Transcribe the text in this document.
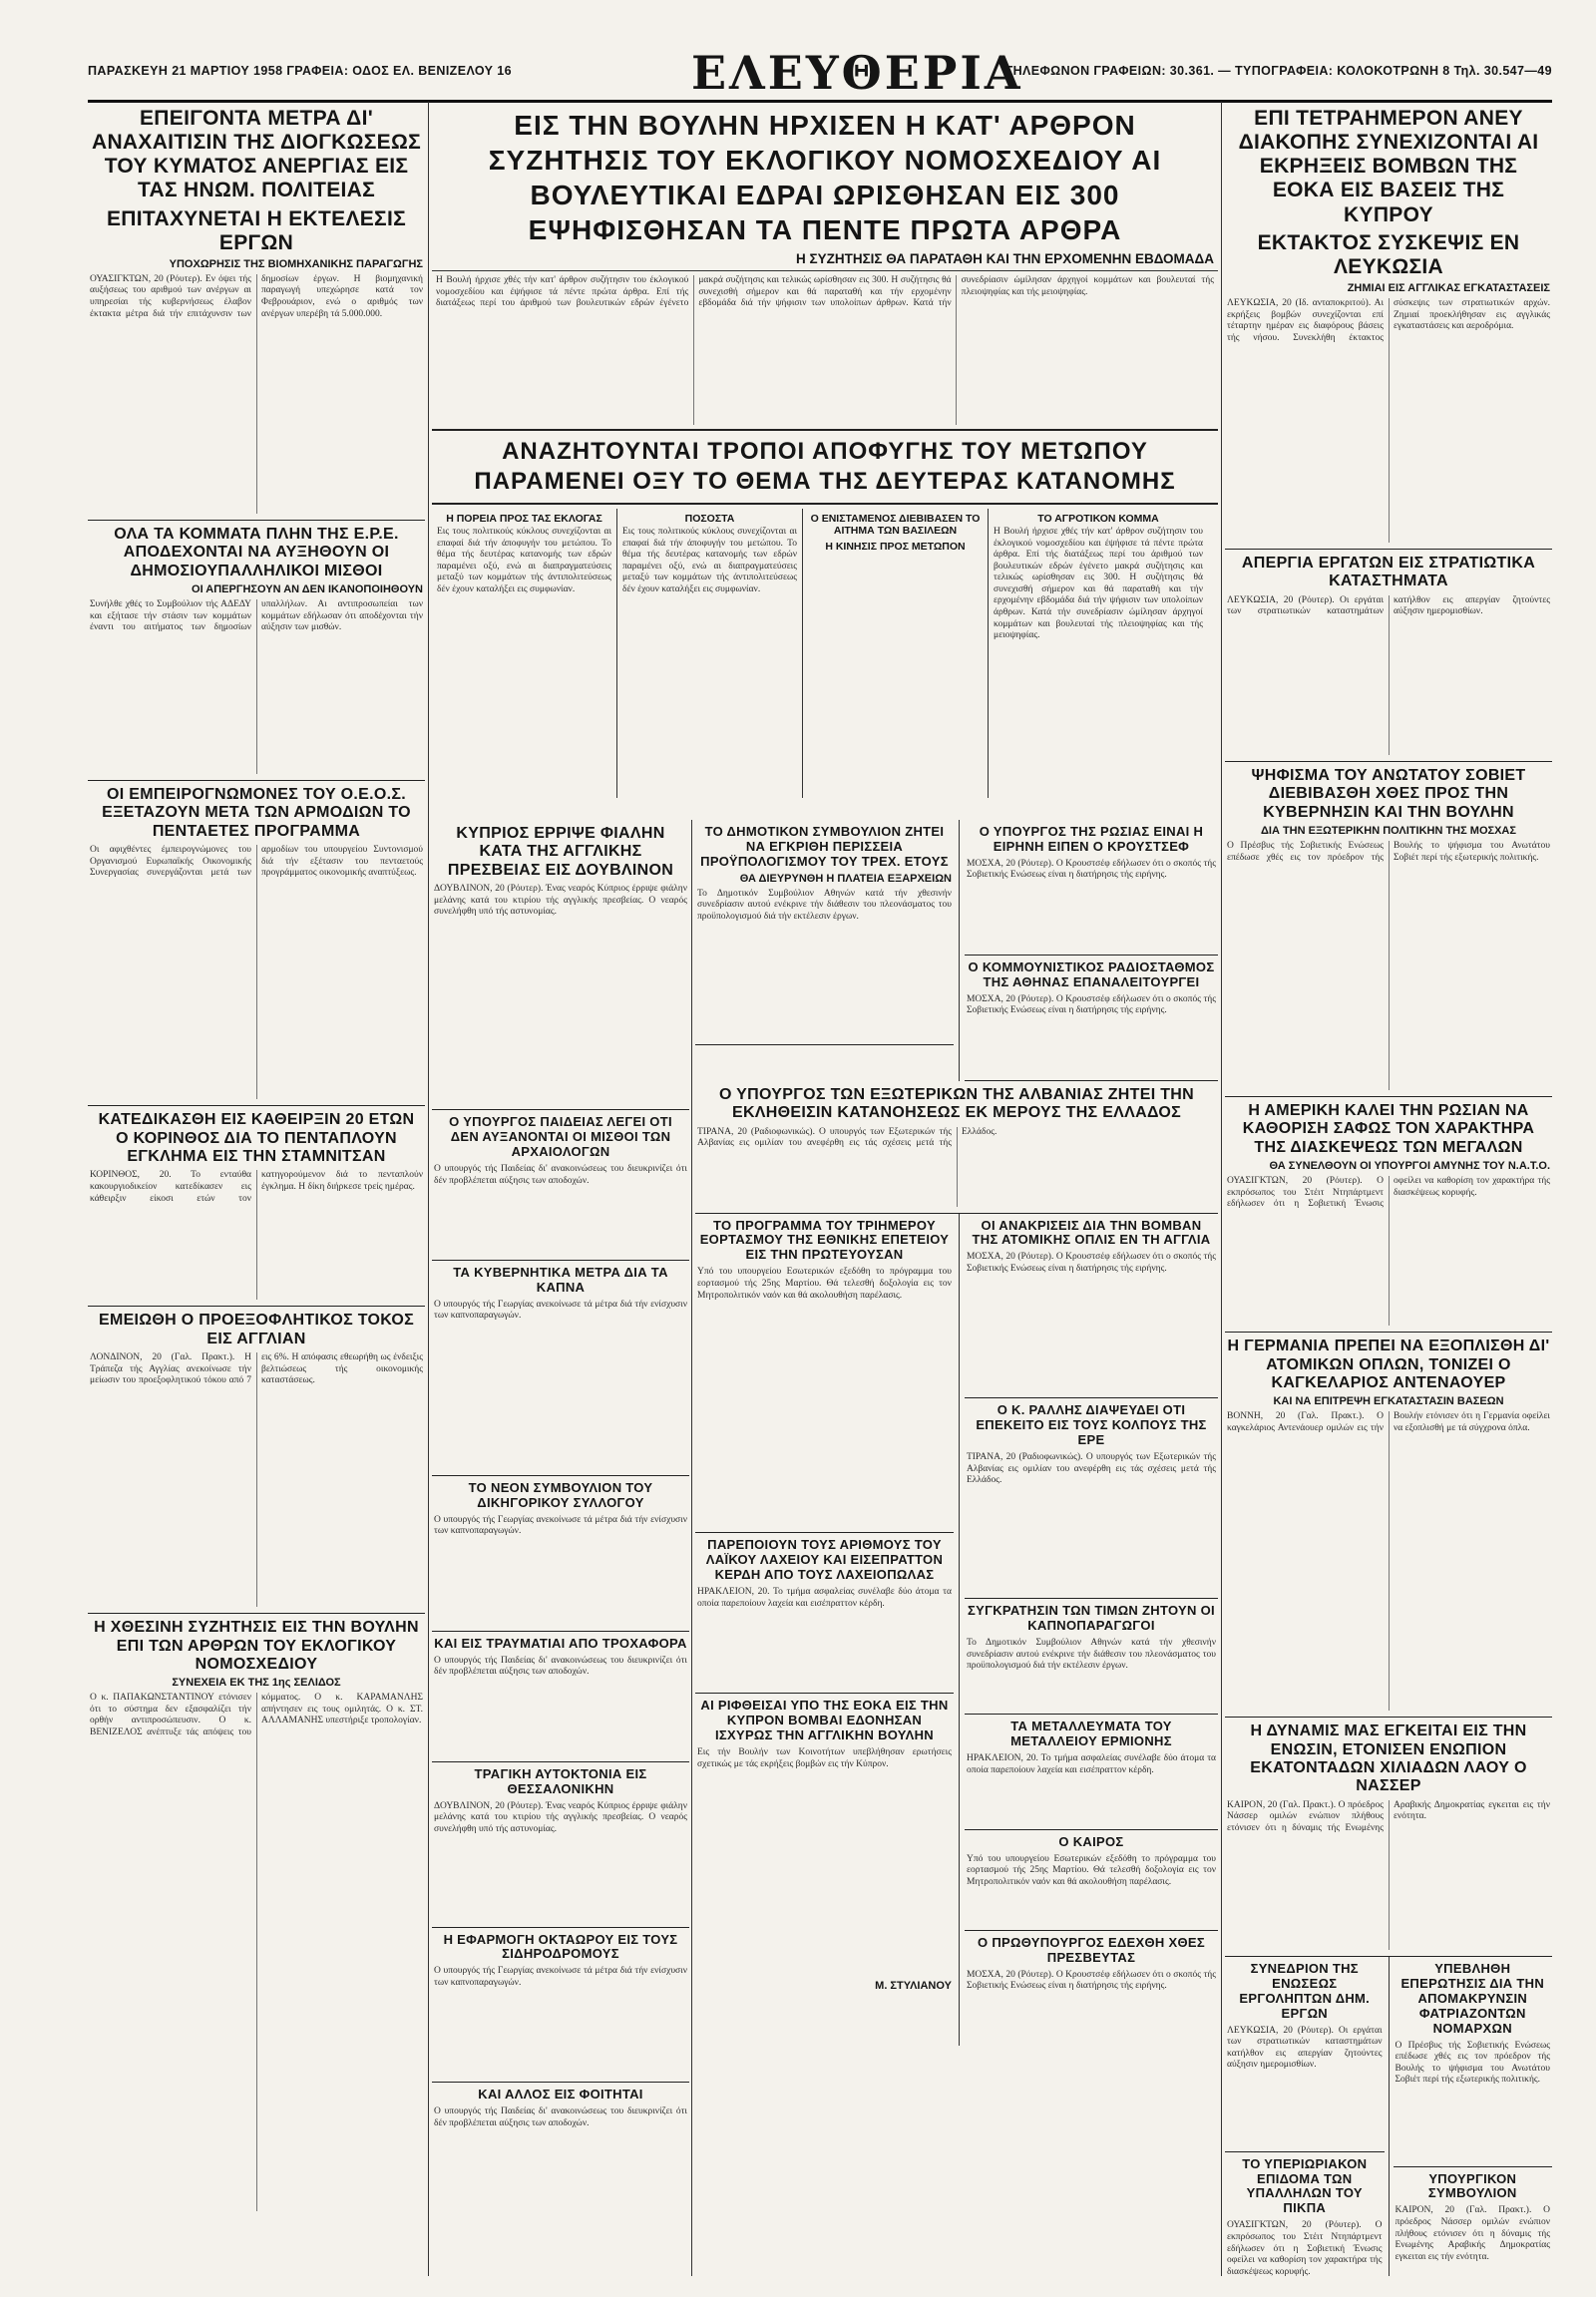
ΠΑΡΑΣΚΕΥΗ 21 ΜΑΡΤΙΟΥ 1958 ΓΡΑΦΕΙΑ: ΟΔΟΣ ΕΛ. ΒΕΝΙΖΕΛΟΥ 16	ΕΛΕΥΘΕΡΙΑ
ΤΗΛΕΦΩΝΟΝ ΓΡΑΦΕΙΩΝ: 30.361. — ΤΥΠΟΓΡΑΦΕΙΑ: ΚΟΛΟΚΟΤΡΩΝΗ 8 Τηλ. 30.547—49
ΕΠΕΙΓΟΝΤΑ ΜΕΤΡΑ ΔΙ' ΑΝΑΧΑΙΤΙΣΙΝ ΤΗΣ ΔΙΟΓΚΩΣΕΩΣ ΤΟΥ ΚΥΜΑΤΟΣ ΑΝΕΡΓΙΑΣ ΕΙΣ ΤΑΣ ΗΝΩΜ. ΠΟΛΙΤΕΙΑΣ
ΕΠΙΤΑΧΥΝΕΤΑΙ Η ΕΚΤΕΛΕΣΙΣ ΕΡΓΩΝ
ΥΠΟΧΩΡΗΣΙΣ ΤΗΣ ΒΙΟΜΗΧΑΝΙΚΗΣ ΠΑΡΑΓΩΓΗΣ
ΟΥΑΣΙΓΚΤΩΝ, 20 (Ρόυτερ). Εν όψει τής αυξήσεως του αριθμού των ανέργων αι υπηρεσίαι τής κυβερνήσεως έλαβον έκτακτα μέτρα διά τήν επιτάχυνσιν των δημοσίων έργων. Η βιομηχανική παραγωγή υπεχώρησε κατά τον Φεβρουάριον, ενώ ο αριθμός των ανέργων υπερέβη τά 5.000.000.
ΟΛΑ ΤΑ ΚΟΜΜΑΤΑ ΠΛΗΝ ΤΗΣ Ε.Ρ.Ε. ΑΠΟΔΕΧΟΝΤΑΙ ΝΑ ΑΥΞΗΘΟΥΝ ΟΙ ΔΗΜΟΣΙΟΥΠΑΛΛΗΛΙΚΟΙ ΜΙΣΘΟΙ
ΟΙ ΑΠΕΡΓΗΣΟΥΝ ΑΝ ΔΕΝ ΙΚΑΝΟΠΟΙΗΘΟΥΝ
Συνήλθε χθές το Συμβούλιον τής ΑΔΕΔΥ και εξήτασε τήν στάσιν των κομμάτων έναντι του αιτήματος των δημοσίων υπαλλήλων. Αι αντιπροσωπείαι των κομμάτων εδήλωσαν ότι αποδέχονται τήν αύξησιν των μισθών.
ΟΙ ΕΜΠΕΙΡΟΓΝΩΜΟΝΕΣ ΤΟΥ Ο.Ε.Ο.Σ. ΕΞΕΤΑΖΟΥΝ ΜΕΤΑ ΤΩΝ ΑΡΜΟΔΙΩΝ ΤΟ ΠΕΝΤΑΕΤΕΣ ΠΡΟΓΡΑΜΜΑ
Οι αφιχθέντες έμπειρογνώμονες του Οργανισμού Ευρωπαϊκής Οικονομικής Συνεργασίας συνεργάζονται μετά των αρμοδίων του υπουργείου Συντονισμού διά τήν εξέτασιν του πενταετούς προγράμματος οικονομικής αναπτύξεως.
ΚΑΤΕΔΙΚΑΣΘΗ ΕΙΣ ΚΑΘΕΙΡΞΙΝ 20 ΕΤΩΝ Ο ΚΟΡΙΝΘΟΣ ΔΙΑ ΤΟ ΠΕΝΤΑΠΛΟΥΝ ΕΓΚΛΗΜΑ ΕΙΣ ΤΗΝ ΣΤΑΜΝΙΤΣΑΝ
ΚΟΡΙΝΘΟΣ, 20. Το ενταύθα κακουργιοδικείον κατεδίκασεν εις κάθειρξιν είκοσι ετών τον κατηγορούμενον διά το πενταπλούν έγκλημα. Η δίκη διήρκεσε τρείς ημέρας.
ΕΜΕΙΩΘΗ Ο ΠΡΟΕΞΟΦΛΗΤΙΚΟΣ ΤΟΚΟΣ ΕΙΣ ΑΓΓΛΙΑΝ
ΛΟΝΔΙΝΟΝ, 20 (Γαλ. Πρακτ.). Η Τράπεζα τής Αγγλίας ανεκοίνωσε τήν μείωσιν του προεξοφλητικού τόκου από 7 εις 6%. Η απόφασις εθεωρήθη ως ένδειξις βελτιώσεως τής οικονομικής καταστάσεως.
Η ΧΘΕΣΙΝΗ ΣΥΖΗΤΗΣΙΣ ΕΙΣ ΤΗΝ ΒΟΥΛΗΝ ΕΠΙ ΤΩΝ ΑΡΘΡΩΝ ΤΟΥ ΕΚΛΟΓΙΚΟΥ ΝΟΜΟΣΧΕΔΙΟΥ
ΣΥΝΕΧΕΙΑ ΕΚ ΤΗΣ 1ης ΣΕΛΙΔΟΣ
Ο κ. ΠΑΠΑΚΩΝΣΤΑΝΤΙΝΟΥ ετόνισεν ότι το σύστημα δεν εξασφαλίζει τήν ορθήν αντιπροσώπευσιν. Ο κ. ΒΕΝΙΖΕΛΟΣ ανέπτυξε τάς απόψεις του κόμματος. Ο κ. ΚΑΡΑΜΑΝΛΗΣ απήντησεν εις τους ομιλητάς. Ο κ. ΣΤ. ΑΛΛΑΜΑΝΗΣ υπεστήριξε τροπολογίαν.
ΕΙΣ ΤΗΝ ΒΟΥΛΗΝ ΗΡΧΙΣΕΝ Η ΚΑΤ' ΑΡΘΡΟΝ ΣΥΖΗΤΗΣΙΣ ΤΟΥ ΕΚΛΟΓΙΚΟΥ ΝΟΜΟΣΧΕΔΙΟΥ ΑΙ ΒΟΥΛΕΥΤΙΚΑΙ ΕΔΡΑΙ ΩΡΙΣΘΗΣΑΝ ΕΙΣ 300 ΕΨΗΦΙΣΘΗΣΑΝ ΤΑ ΠΕΝΤΕ ΠΡΩΤΑ ΑΡΘΡΑ
Η ΣΥΖΗΤΗΣΙΣ ΘΑ ΠΑΡΑΤΑΘΗ ΚΑΙ ΤΗΝ ΕΡΧΟΜΕΝΗΝ ΕΒΔΟΜΑΔΑ
Η Βουλή ήρχισε χθές τήν κατ' άρθρον συζήτησιν του έκλογικού νομοσχεδίου και έψήφισε τά πέντε πρώτα άρθρα. Επί τής διατάξεως περί του άριθμού των βουλευτικών εδρών έγένετο μακρά συζήτησις και τελικώς ωρίσθησαν εις 300. Η συζήτησις θά συνεχισθή σήμερον και θά παραταθή και τήν ερχομένην εβδομάδα διά τήν ψήφισιν των υπολοίπων άρθρων. Κατά τήν συνεδρίασιν ώμίλησαν άρχηγοί κομμάτων και βουλευταί τής πλειοψηφίας και τής μειοψηφίας.
ΑΝΑΖΗΤΟΥΝΤΑΙ ΤΡΟΠΟΙ ΑΠΟΦΥΓΗΣ ΤΟΥ ΜΕΤΩΠΟΥ ΠΑΡΑΜΕΝΕΙ ΟΞΥ ΤΟ ΘΕΜΑ ΤΗΣ ΔΕΥΤΕΡΑΣ ΚΑΤΑΝΟΜΗΣ
Η ΠΟΡΕΙΑ ΠΡΟΣ ΤΑΣ ΕΚΛΟΓΑΣ
Εις τους πολιτικούς κύκλους συνεχίζονται αι επαφαί διά τήν άποφυγήν του μετώπου. Το θέμα τής δευτέρας κατανομής των εδρών παραμένει οξύ, ενώ αι διαπραγματεύσεις μεταξύ των κομμάτων τής άντιπολιτεύσεως δέν έχουν καταλήξει εις συμφωνίαν.
ΠΟΣΟΣΤΑ
Εις τους πολιτικούς κύκλους συνεχίζονται αι επαφαί διά τήν άποφυγήν του μετώπου. Το θέμα τής δευτέρας κατανομής των εδρών παραμένει οξύ, ενώ αι διαπραγματεύσεις μεταξύ των κομμάτων τής άντιπολιτεύσεως δέν έχουν καταλήξει εις συμφωνίαν.
Ο ΕΝΙΣΤΑΜΕΝΟΣ ΔΙΕΒΙΒΑΣΕΝ ΤΟ ΑΙΤΗΜΑ ΤΩΝ ΒΑΣΙΛΕΩΝ
Η ΚΙΝΗΣΙΣ ΠΡΟΣ ΜΕΤΩΠΟΝ
ΤΟ ΑΓΡΟΤΙΚΟΝ ΚΟΜΜΑ
Η Βουλή ήρχισε χθές τήν κατ' άρθρον συζήτησιν του έκλογικού νομοσχεδίου και έψήφισε τά πέντε πρώτα άρθρα. Επί τής διατάξεως περί του άριθμού των βουλευτικών εδρών έγένετο μακρά συζήτησις και τελικώς ωρίσθησαν εις 300. Η συζήτησις θά συνεχισθή σήμερον και θά παραταθή και τήν ερχομένην εβδομάδα διά τήν ψήφισιν των υπολοίπων άρθρων. Κατά τήν συνεδρίασιν ώμίλησαν άρχηγοί κομμάτων και βουλευταί τής πλειοψηφίας και τής μειοψηφίας.
ΚΥΠΡΙΟΣ ΕΡΡΙΨΕ ΦΙΑΛΗΝ ΚΑΤΑ ΤΗΣ ΑΓΓΛΙΚΗΣ ΠΡΕΣΒΕΙΑΣ ΕΙΣ ΔΟΥΒΛΙΝΟΝ
ΔΟΥΒΛΙΝΟΝ, 20 (Ρόυτερ). Ένας νεαρός Κύπριος έρριψε φιάλην μελάνης κατά του κτιρίου τής αγγλικής πρεσβείας. Ο νεαρός συνελήφθη υπό τής αστυνομίας.
Ο ΥΠΟΥΡΓΟΣ ΠΑΙΔΕΙΑΣ ΛΕΓΕΙ ΟΤΙ ΔΕΝ ΑΥΞΑΝΟΝΤΑΙ ΟΙ ΜΙΣΘΟΙ ΤΩΝ ΑΡΧΑΙΟΛΟΓΩΝ
Ο υπουργός τής Παιδείας δι' ανακοινώσεως του διευκρινίζει ότι δέν προβλέπεται αύξησις των αποδοχών.
ΤΑ ΚΥΒΕΡΝΗΤΙΚΑ ΜΕΤΡΑ ΔΙΑ ΤΑ ΚΑΠΝΑ
Ο υπουργός τής Γεωργίας ανεκοίνωσε τά μέτρα διά τήν ενίσχυσιν των καπνοπαραγωγών.
ΤΟ ΝΕΟΝ ΣΥΜΒΟΥΛΙΟΝ ΤΟΥ ΔΙΚΗΓΟΡΙΚΟΥ ΣΥΛΛΟΓΟΥ
Ο υπουργός τής Γεωργίας ανεκοίνωσε τά μέτρα διά τήν ενίσχυσιν των καπνοπαραγωγών.
ΚΑΙ ΕΙΣ ΤΡΑΥΜΑΤΙΑΙ ΑΠΟ ΤΡΟΧΑΦΟΡΑ
Ο υπουργός τής Παιδείας δι' ανακοινώσεως του διευκρινίζει ότι δέν προβλέπεται αύξησις των αποδοχών.
ΤΡΑΓΙΚΗ ΑΥΤΟΚΤΟΝΙΑ ΕΙΣ ΘΕΣΣΑΛΟΝΙΚΗΝ
ΔΟΥΒΛΙΝΟΝ, 20 (Ρόυτερ). Ένας νεαρός Κύπριος έρριψε φιάλην μελάνης κατά του κτιρίου τής αγγλικής πρεσβείας. Ο νεαρός συνελήφθη υπό τής αστυνομίας.
Η ΕΦΑΡΜΟΓΗ ΟΚΤΑΩΡΟΥ ΕΙΣ ΤΟΥΣ ΣΙΔΗΡΟΔΡΟΜΟΥΣ
Ο υπουργός τής Γεωργίας ανεκοίνωσε τά μέτρα διά τήν ενίσχυσιν των καπνοπαραγωγών.
ΚΑΙ ΑΛΛΟΣ ΕΙΣ ΦΟΙΤΗΤΑΙ
Ο υπουργός τής Παιδείας δι' ανακοινώσεως του διευκρινίζει ότι δέν προβλέπεται αύξησις των αποδοχών.
ΤΟ ΔΗΜΟΤΙΚΟΝ ΣΥΜΒΟΥΛΙΟΝ ΖΗΤΕΙ ΝΑ ΕΓΚΡΙΘΗ ΠΕΡΙΣΣΕΙΑ ΠΡΟΫΠΟΛΟΓΙΣΜΟΥ ΤΟΥ ΤΡΕΧ. ΕΤΟΥΣ
ΘΑ ΔΙΕΥΡΥΝΘΗ Η ΠΛΑΤΕΙΑ ΕΞΑΡΧΕΙΩΝ
Το Δημοτικόν Συμβούλιον Αθηνών κατά τήν χθεσινήν συνεδρίασιν αυτού ενέκρινε τήν διάθεσιν του πλεονάσματος του προϋπολογισμού διά τήν εκτέλεσιν έργων.
Ο ΥΠΟΥΡΓΟΣ ΤΗΣ ΡΩΣΙΑΣ ΕΙΝΑΙ Η ΕΙΡΗΝΗ ΕΙΠΕΝ Ο ΚΡΟΥΣΤΣΕΦ
ΜΟΣΧΑ, 20 (Ρόυτερ). Ο Κρουστσέφ εδήλωσεν ότι ο σκοπός τής Σοβιετικής Ενώσεως είναι η διατήρησις τής ειρήνης.
Ο ΚΟΜΜΟΥΝΙΣΤΙΚΟΣ ΡΑΔΙΟΣΤΑΘΜΟΣ ΤΗΣ ΑΘΗΝΑΣ ΕΠΑΝΑΛΕΙΤΟΥΡΓΕΙ
ΜΟΣΧΑ, 20 (Ρόυτερ). Ο Κρουστσέφ εδήλωσεν ότι ο σκοπός τής Σοβιετικής Ενώσεως είναι η διατήρησις τής ειρήνης.
Ο ΥΠΟΥΡΓΟΣ ΤΩΝ ΕΞΩΤΕΡΙΚΩΝ ΤΗΣ ΑΛΒΑΝΙΑΣ ΖΗΤΕΙ ΤΗΝ ΕΚΛΗΘΕΙΣΙΝ ΚΑΤΑΝΟΗΣΕΩΣ ΕΚ ΜΕΡΟΥΣ ΤΗΣ ΕΛΛΑΔΟΣ
ΤΙΡΑΝΑ, 20 (Ραδιοφωνικώς). Ο υπουργός των Εξωτερικών τής Αλβανίας εις ομιλίαν του ανεφέρθη εις τάς σχέσεις μετά τής Ελλάδος.
ΤΟ ΠΡΟΓΡΑΜΜΑ ΤΟΥ ΤΡΙΗΜΕΡΟΥ ΕΟΡΤΑΣΜΟΥ ΤΗΣ ΕΘΝΙΚΗΣ ΕΠΕΤΕΙΟΥ ΕΙΣ ΤΗΝ ΠΡΩΤΕΥΟΥΣΑΝ
Υπό του υπουργείου Εσωτερικών εξεδόθη το πρόγραμμα του εορτασμού τής 25ης Μαρτίου. Θά τελεσθή δοξολογία εις τον Μητροπολιτικόν ναόν και θά ακολουθήση παρέλασις.
ΠΑΡΕΠΟΙΟΥΝ ΤΟΥΣ ΑΡΙΘΜΟΥΣ ΤΟΥ ΛΑΪΚΟΥ ΛΑΧΕΙΟΥ ΚΑΙ ΕΙΣΕΠΡΑΤΤΟΝ ΚΕΡΔΗ ΑΠΟ ΤΟΥΣ ΛΑΧΕΙΟΠΩΛΑΣ
ΗΡΑΚΛΕΙΟΝ, 20. Το τμήμα ασφαλείας συνέλαβε δύο άτομα τα οποία παρεποίουν λαχεία και εισέπραττον κέρδη.
ΑΙ ΡΙΦΘΕΙΣΑΙ ΥΠΟ ΤΗΣ ΕΟΚΑ ΕΙΣ ΤΗΝ ΚΥΠΡΟΝ ΒΟΜΒΑΙ ΕΔΟΝΗΣΑΝ ΙΣΧΥΡΩΣ ΤΗΝ ΑΓΓΛΙΚΗΝ ΒΟΥΛΗΝ
Εις τήν Βουλήν των Κοινοτήτων υπεβλήθησαν ερωτήσεις σχετικώς με τάς εκρήξεις βομβών εις τήν Κύπρον.
Μ. ΣΤΥΛΙΑΝΟΥ
ΟΙ ΑΝΑΚΡΙΣΕΙΣ ΔΙΑ ΤΗΝ ΒΟΜΒΑΝ ΤΗΣ ΑΤΟΜΙΚΗΣ ΟΠΛΙΣ ΕΝ ΤΗ ΑΓΓΛΙΑ
ΜΟΣΧΑ, 20 (Ρόυτερ). Ο Κρουστσέφ εδήλωσεν ότι ο σκοπός τής Σοβιετικής Ενώσεως είναι η διατήρησις τής ειρήνης.
Ο Κ. ΡΑΛΛΗΣ ΔΙΑΨΕΥΔΕΙ ΟΤΙ ΕΠΕΚΕΙΤΟ ΕΙΣ ΤΟΥΣ ΚΟΛΠΟΥΣ ΤΗΣ ΕΡΕ
ΤΙΡΑΝΑ, 20 (Ραδιοφωνικώς). Ο υπουργός των Εξωτερικών τής Αλβανίας εις ομιλίαν του ανεφέρθη εις τάς σχέσεις μετά τής Ελλάδος.
ΣΥΓΚΡΑΤΗΣΙΝ ΤΩΝ ΤΙΜΩΝ ΖΗΤΟΥΝ ΟΙ ΚΑΠΝΟΠΑΡΑΓΩΓΟΙ
Το Δημοτικόν Συμβούλιον Αθηνών κατά τήν χθεσινήν συνεδρίασιν αυτού ενέκρινε τήν διάθεσιν του πλεονάσματος του προϋπολογισμού διά τήν εκτέλεσιν έργων.
ΤΑ ΜΕΤΑΛΛΕΥΜΑΤΑ ΤΟΥ ΜΕΤΑΛΛΕΙΟΥ ΕΡΜΙΟΝΗΣ
ΗΡΑΚΛΕΙΟΝ, 20. Το τμήμα ασφαλείας συνέλαβε δύο άτομα τα οποία παρεποίουν λαχεία και εισέπραττον κέρδη.
Ο ΚΑΙΡΟΣ
Υπό του υπουργείου Εσωτερικών εξεδόθη το πρόγραμμα του εορτασμού τής 25ης Μαρτίου. Θά τελεσθή δοξολογία εις τον Μητροπολιτικόν ναόν και θά ακολουθήση παρέλασις.
Ο ΠΡΩΘΥΠΟΥΡΓΟΣ ΕΔΕΧΘΗ ΧΘΕΣ ΠΡΕΣΒΕΥΤΑΣ
ΜΟΣΧΑ, 20 (Ρόυτερ). Ο Κρουστσέφ εδήλωσεν ότι ο σκοπός τής Σοβιετικής Ενώσεως είναι η διατήρησις τής ειρήνης.
ΕΠΙ ΤΕΤΡΑΗΜΕΡΟΝ ΑΝΕΥ ΔΙΑΚΟΠΗΣ ΣΥΝΕΧΙΖΟΝΤΑΙ ΑΙ ΕΚΡΗΞΕΙΣ ΒΟΜΒΩΝ ΤΗΣ ΕΟΚΑ ΕΙΣ ΒΑΣΕΙΣ ΤΗΣ ΚΥΠΡΟΥ
ΕΚΤΑΚΤΟΣ ΣΥΣΚΕΨΙΣ ΕΝ ΛΕΥΚΩΣΙΑ
ΖΗΜΙΑΙ ΕΙΣ ΑΓΓΛΙΚΑΣ ΕΓΚΑΤΑΣΤΑΣΕΙΣ
ΛΕΥΚΩΣΙΑ, 20 (Ιδ. ανταποκριτού). Αι εκρήξεις βομβών συνεχίζονται επί τέταρτην ημέραν εις διαφόρους βάσεις τής νήσου. Συνεκλήθη έκτακτος σύσκεψις των στρατιωτικών αρχών. Ζημιαί προεκλήθησαν εις αγγλικάς εγκαταστάσεις και αεροδρόμια.
ΑΠΕΡΓΙΑ ΕΡΓΑΤΩΝ ΕΙΣ ΣΤΡΑΤΙΩΤΙΚΑ ΚΑΤΑΣΤΗΜΑΤΑ
ΛΕΥΚΩΣΙΑ, 20 (Ρόυτερ). Οι εργάται των στρατιωτικών καταστημάτων κατήλθον εις απεργίαν ζητούντες αύξησιν ημερομισθίων.
ΨΗΦΙΣΜΑ ΤΟΥ ΑΝΩΤΑΤΟΥ ΣΟΒΙΕΤ ΔΙΕΒΙΒΑΣΘΗ ΧΘΕΣ ΠΡΟΣ ΤΗΝ ΚΥΒΕΡΝΗΣΙΝ ΚΑΙ ΤΗΝ ΒΟΥΛΗΝ
ΔΙΑ ΤΗΝ ΕΞΩΤΕΡΙΚΗΝ ΠΟΛΙΤΙΚΗΝ ΤΗΣ ΜΟΣΧΑΣ
Ο Πρέσβυς τής Σοβιετικής Ενώσεως επέδωσε χθές εις τον πρόεδρον τής Βουλής το ψήφισμα του Ανωτάτου Σοβιέτ περί τής εξωτερικής πολιτικής.
Η ΑΜΕΡΙΚΗ ΚΑΛΕΙ ΤΗΝ ΡΩΣΙΑΝ ΝΑ ΚΑΘΟΡΙΣΗ ΣΑΦΩΣ ΤΟΝ ΧΑΡΑΚΤΗΡΑ ΤΗΣ ΔΙΑΣΚΕΨΕΩΣ ΤΩΝ ΜΕΓΑΛΩΝ
ΘΑ ΣΥΝΕΛΘΟΥΝ ΟΙ ΥΠΟΥΡΓΟΙ ΑΜΥΝΗΣ ΤΟΥ Ν.Α.Τ.Ο.
ΟΥΑΣΙΓΚΤΩΝ, 20 (Ρόυτερ). Ο εκπρόσωπος του Στέιτ Ντηπάρτμεντ εδήλωσεν ότι η Σοβιετική Ένωσις οφείλει να καθορίση τον χαρακτήρα τής διασκέψεως κορυφής.
Η ΓΕΡΜΑΝΙΑ ΠΡΕΠΕΙ ΝΑ ΕΞΟΠΛΙΣΘΗ ΔΙ' ΑΤΟΜΙΚΩΝ ΟΠΛΩΝ, ΤΟΝΙΖΕΙ Ο ΚΑΓΚΕΛΑΡΙΟΣ ΑΝΤΕΝΑΟΥΕΡ
ΚΑΙ ΝΑ ΕΠΙΤΡΕΨΗ ΕΓΚΑΤΑΣΤΑΣΙΝ ΒΑΣΕΩΝ
ΒΟΝΝΗ, 20 (Γαλ. Πρακτ.). Ο καγκελάριος Αντενάουερ ομιλών εις τήν Βουλήν ετόνισεν ότι η Γερμανία οφείλει να εξοπλισθή με τά σύγχρονα όπλα.
Η ΔΥΝΑΜΙΣ ΜΑΣ ΕΓΚΕΙΤΑΙ ΕΙΣ ΤΗΝ ΕΝΩΣΙΝ, ΕΤΟΝΙΣΕΝ ΕΝΩΠΙΟΝ ΕΚΑΤΟΝΤΑΔΩΝ ΧΙΛΙΑΔΩΝ ΛΑΟΥ Ο ΝΑΣΣΕΡ
ΚΑΪΡΟΝ, 20 (Γαλ. Πρακτ.). Ο πρόεδρος Νάσσερ ομιλών ενώπιον πλήθους ετόνισεν ότι η δύναμις τής Ενωμένης Αραβικής Δημοκρατίας εγκειται εις τήν ενότητα.
ΣΥΝΕΔΡΙΟΝ ΤΗΣ ΕΝΩΣΕΩΣ ΕΡΓΟΛΗΠΤΩΝ ΔΗΜ. ΕΡΓΩΝ
ΛΕΥΚΩΣΙΑ, 20 (Ρόυτερ). Οι εργάται των στρατιωτικών καταστημάτων κατήλθον εις απεργίαν ζητούντες αύξησιν ημερομισθίων.
ΤΟ ΥΠΕΡΙΩΡΙΑΚΟΝ ΕΠΙΔΟΜΑ ΤΩΝ ΥΠΑΛΛΗΛΩΝ ΤΟΥ ΠΙΚΠΑ
ΟΥΑΣΙΓΚΤΩΝ, 20 (Ρόυτερ). Ο εκπρόσωπος του Στέιτ Ντηπάρτμεντ εδήλωσεν ότι η Σοβιετική Ένωσις οφείλει να καθορίση τον χαρακτήρα τής διασκέψεως κορυφής.
ΥΠΕΒΛΗΘΗ ΕΠΕΡΩΤΗΣΙΣ ΔΙΑ ΤΗΝ ΑΠΟΜΑΚΡΥΝΣΙΝ ΦΑΤΡΙΑΖΟΝΤΩΝ ΝΟΜΑΡΧΩΝ
Ο Πρέσβυς τής Σοβιετικής Ενώσεως επέδωσε χθές εις τον πρόεδρον τής Βουλής το ψήφισμα του Ανωτάτου Σοβιέτ περί τής εξωτερικής πολιτικής.
ΥΠΟΥΡΓΙΚΟΝ ΣΥΜΒΟΥΛΙΟΝ
ΚΑΪΡΟΝ, 20 (Γαλ. Πρακτ.). Ο πρόεδρος Νάσσερ ομιλών ενώπιον πλήθους ετόνισεν ότι η δύναμις τής Ενωμένης Αραβικής Δημοκρατίας εγκειται εις τήν ενότητα.
